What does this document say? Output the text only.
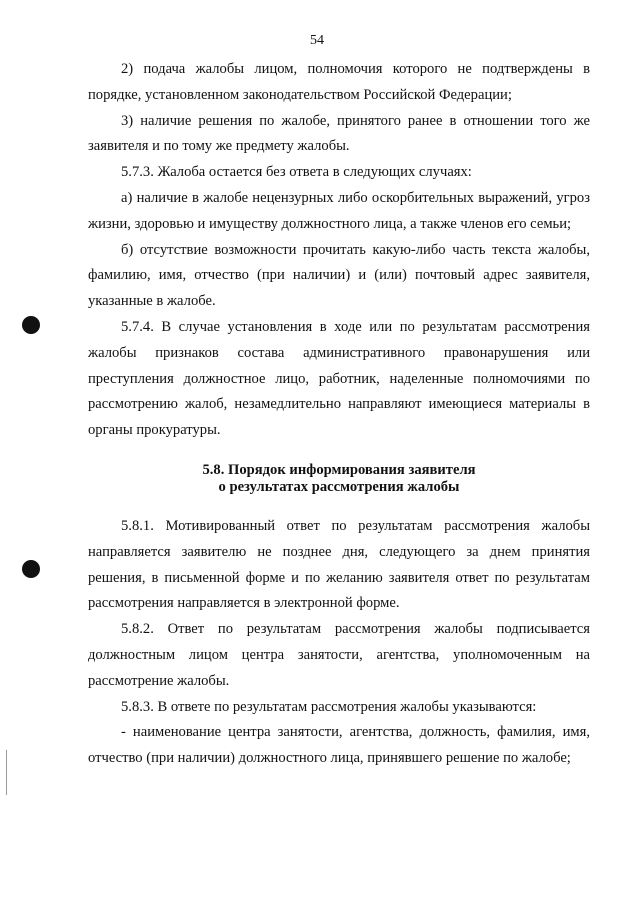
54

2) подача жалобы лицом, полномочия которого не подтверждены в порядке, установленном законодательством Российской Федерации;

3) наличие решения по жалобе, принятого ранее в отношении того же заявителя и по тому же предмету жалобы.

5.7.3. Жалоба остается без ответа в следующих случаях:

а) наличие в жалобе нецензурных либо оскорбительных выражений, угроз жизни, здоровью и имуществу должностного лица, а также членов его семьи;

б) отсутствие возможности прочитать какую-либо часть текста жалобы, фамилию, имя, отчество (при наличии) и (или) почтовый адрес заявителя, указанные в жалобе.

5.7.4. В случае установления в ходе или по результатам рассмотрения жалобы признаков состава административного правонарушения или преступления должностное лицо, работник, наделенные полномочиями по рассмотрению жалоб, незамедлительно направляют имеющиеся материалы в органы прокуратуры.

5.8. Порядок информирования заявителя
о результатах рассмотрения жалобы

5.8.1. Мотивированный ответ по результатам рассмотрения жалобы направляется заявителю не позднее дня, следующего за днем принятия решения, в письменной форме и по желанию заявителя ответ по результатам рассмотрения направляется в электронной форме.

5.8.2. Ответ по результатам рассмотрения жалобы подписывается должностным лицом центра занятости, агентства, уполномоченным на рассмотрение жалобы.

5.8.3. В ответе по результатам рассмотрения жалобы указываются:

- наименование центра занятости, агентства, должность, фамилия, имя, отчество (при наличии) должностного лица, принявшего решение по жалобе;
